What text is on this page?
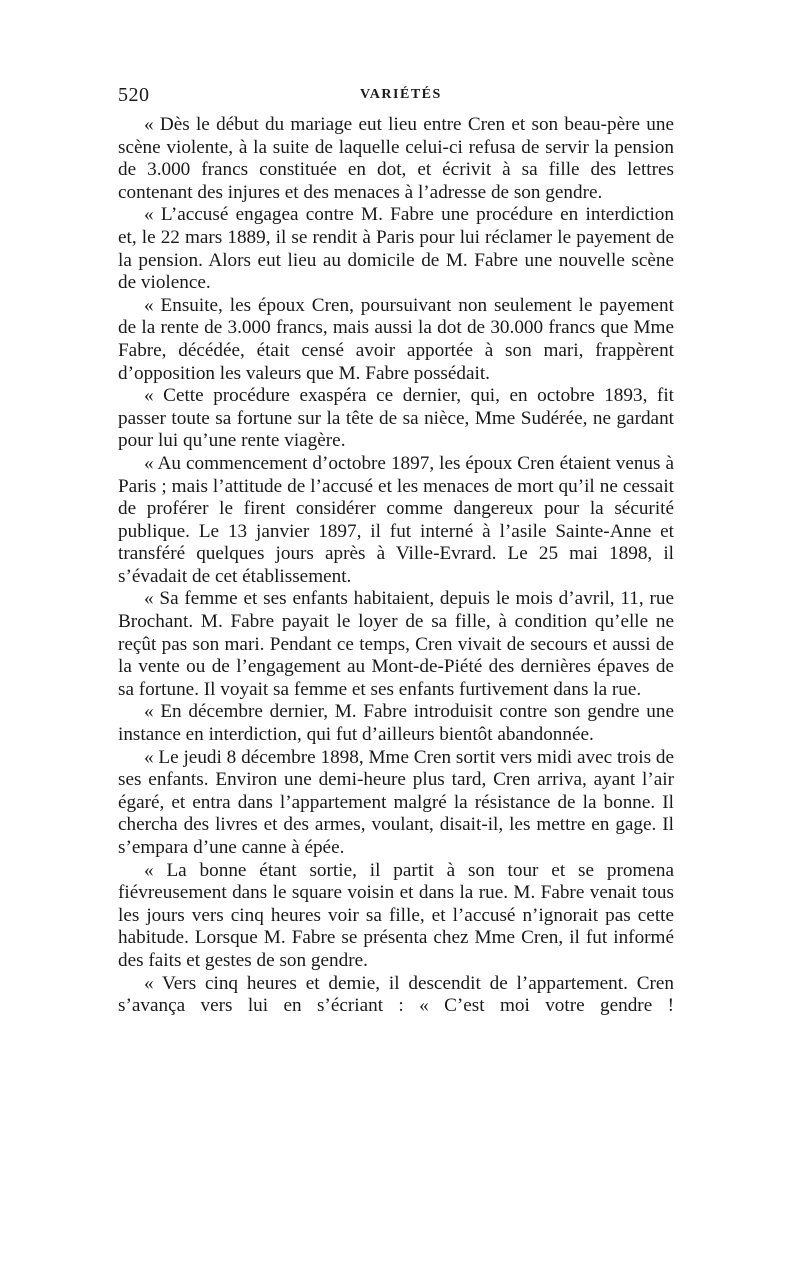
520	VARIÉTÉS

« Dès le début du mariage eut lieu entre Cren et son beau-père une scène violente, à la suite de laquelle celui-ci refusa de servir la pension de 3.000 francs constituée en dot, et écrivit à sa fille des lettres contenant des injures et des menaces à l’adresse de son gendre.

« L’accusé engagea contre M. Fabre une procédure en interdiction et, le 22 mars 1889, il se rendit à Paris pour lui réclamer le payement de la pension. Alors eut lieu au domicile de M. Fabre une nouvelle scène de violence.

« Ensuite, les époux Cren, poursuivant non seulement le payement de la rente de 3.000 francs, mais aussi la dot de 30.000 francs que Mme Fabre, décédée, était censé avoir apportée à son mari, frappèrent d’opposition les valeurs que M. Fabre possédait.

« Cette procédure exaspéra ce dernier, qui, en octobre 1893, fit passer toute sa fortune sur la tête de sa nièce, Mme Sudérée, ne gardant pour lui qu’une rente viagère.

« Au commencement d’octobre 1897, les époux Cren étaient venus à Paris ; mais l’attitude de l’accusé et les menaces de mort qu’il ne cessait de proférer le firent considérer comme dangereux pour la sécurité publique. Le 13 janvier 1897, il fut interné à l’asile Sainte-Anne et transféré quelques jours après à Ville-Evrard. Le 25 mai 1898, il s’évadait de cet établissement.

« Sa femme et ses enfants habitaient, depuis le mois d’avril, 11, rue Brochant. M. Fabre payait le loyer de sa fille, à condition qu’elle ne reçût pas son mari. Pendant ce temps, Cren vivait de secours et aussi de la vente ou de l’engagement au Mont-de-Piété des dernières épaves de sa fortune. Il voyait sa femme et ses enfants furtivement dans la rue.

« En décembre dernier, M. Fabre introduisit contre son gendre une instance en interdiction, qui fut d’ailleurs bientôt abandonnée.

« Le jeudi 8 décembre 1898, Mme Cren sortit vers midi avec trois de ses enfants. Environ une demi-heure plus tard, Cren arriva, ayant l’air égaré, et entra dans l’appartement malgré la résistance de la bonne. Il chercha des livres et des armes, voulant, disait-il, les mettre en gage. Il s’empara d’une canne à épée.

« La bonne étant sortie, il partit à son tour et se promena fiévreusement dans le square voisin et dans la rue. M. Fabre venait tous les jours vers cinq heures voir sa fille, et l’accusé n’ignorait pas cette habitude. Lorsque M. Fabre se présenta chez Mme Cren, il fut informé des faits et gestes de son gendre.

« Vers cinq heures et demie, il descendit de l’appartement. Cren s’avança vers lui en s’écriant : « C’est moi votre gendre !
